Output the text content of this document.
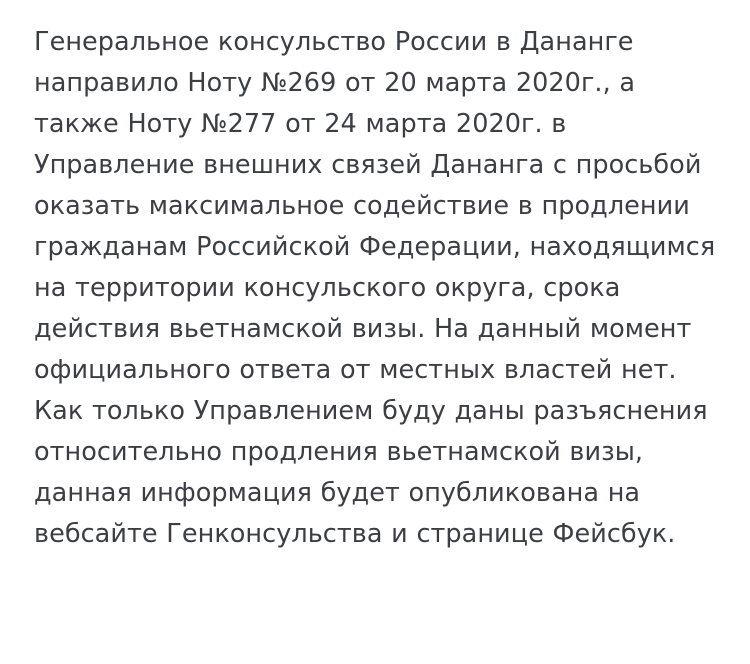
Генеральное консульство России в Дананге направило Ноту №269 от 20 марта 2020г., а также Ноту №277 от 24 марта 2020г. в Управление внешних связей Дананга с просьбой оказать максимальное содействие в продлении гражданам Российской Федерации, находящимся на территории консульского округа, срока действия вьетнамской визы. На данный момент официального ответа от местных властей нет. Как только Управлением буду даны разъяснения относительно продления вьетнамской визы, данная информация будет опубликована на вебсайте Генконсульства и странице Фейсбук.
